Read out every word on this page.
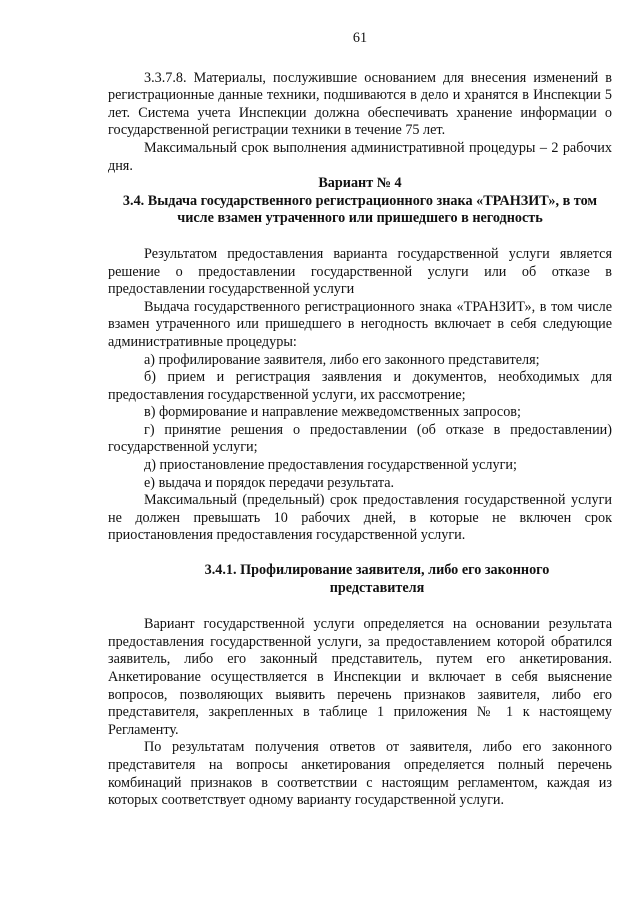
61

3.3.7.8. Материалы, послужившие основанием для внесения изменений в регистрационные данные техники, подшиваются в дело и хранятся в Инспекции 5 лет. Система учета Инспекции должна обеспечивать хранение информации о государственной регистрации техники в течение 75 лет.

Максимальный срок выполнения административной процедуры – 2 рабочих дня.

Вариант № 4
3.4. Выдача государственного регистрационного знака «ТРАНЗИТ», в том числе взамен утраченного или пришедшего в негодность

Результатом предоставления варианта государственной услуги является решение о предоставлении государственной услуги или об отказе в предоставлении государственной услуги

Выдача государственного регистрационного знака «ТРАНЗИТ», в том числе взамен утраченного или пришедшего в негодность включает в себя следующие административные процедуры:

а) профилирование заявителя, либо его законного представителя;

б) прием и регистрация заявления и документов, необходимых для предоставления государственной услуги, их рассмотрение;

в) формирование и направление межведомственных запросов;

г) принятие решения о предоставлении (об отказе в предоставлении) государственной услуги;

д) приостановление предоставления государственной услуги;

е) выдача и порядок передачи результата.

Максимальный (предельный) срок предоставления государственной услуги не должен превышать 10 рабочих дней, в которые не включен срок приостановления предоставления государственной услуги.

3.4.1. Профилирование заявителя, либо его законного представителя

Вариант государственной услуги определяется на основании результата предоставления государственной услуги, за предоставлением которой обратился заявитель, либо его законный представитель, путем его анкетирования. Анкетирование осуществляется в Инспекции и включает в себя выяснение вопросов, позволяющих выявить перечень признаков заявителя, либо его представителя, закрепленных в таблице 1 приложения № 1 к настоящему Регламенту.

По результатам получения ответов от заявителя, либо его законного представителя на вопросы анкетирования определяется полный перечень комбинаций признаков в соответствии с настоящим регламентом, каждая из которых соответствует одному варианту государственной услуги.
